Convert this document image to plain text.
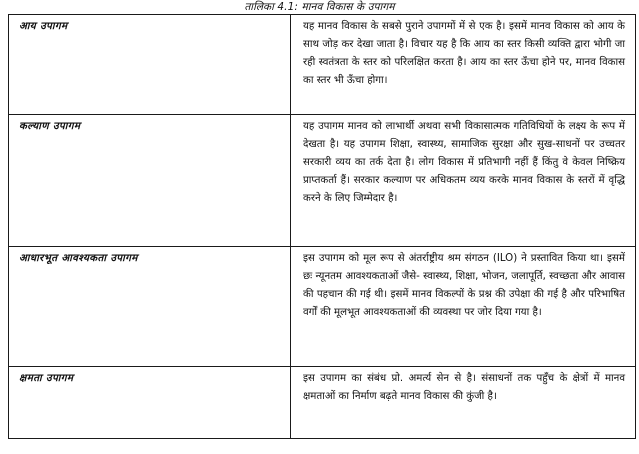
तालिका 4.1: मानव विकास के उपागम
आय उपागम	यह मानव विकास के सबसे पुराने उपागमों में से एक है। इसमें मानव विकास को आय के साथ जोड़ कर देखा जाता है। विचार यह है कि आय का स्तर किसी व्यक्ति द्वारा भोगी जा रही स्वतंत्रता के स्तर को परिलक्षित करता है। आय का स्तर ऊँचा होने पर, मानव विकास का स्तर भी ऊँचा होगा।
कल्याण उपागम	यह उपागम मानव को लाभार्थी अथवा सभी विकासात्मक गतिविधियों के लक्ष्य के रूप में देखता है। यह उपागम शिक्षा, स्वास्थ्य, सामाजिक सुरक्षा और सुख-साधनों पर उच्चतर सरकारी व्यय का तर्क देता है। लोग विकास में प्रतिभागी नहीं हैं किंतु वे केवल निष्क्रिय प्राप्तकर्ता हैं। सरकार कल्याण पर अधिकतम व्यय करके मानव विकास के स्तरों में वृद्धि करने के लिए जिम्मेदार है।
आधारभूत आवश्यकता उपागम	इस उपागम को मूल रूप से अंतर्राष्ट्रीय श्रम संगठन (ILO) ने प्रस्तावित किया था। इसमें छः न्यूनतम आवश्यकताओं जैसे- स्वास्थ्य, शिक्षा, भोजन, जलापूर्ति, स्वच्छता और आवास की पहचान की गई थी। इसमें मानव विकल्पों के प्रश्न की उपेक्षा की गई है और परिभाषित वर्गों की मूलभूत आवश्यकताओं की व्यवस्था पर जोर दिया गया है।
क्षमता उपागम	इस उपागम का संबंध प्रो. अमर्त्य सेन से है। संसाधनों तक पहुँच के क्षेत्रों में मानव क्षमताओं का निर्माण बढ़ते मानव विकास की कुंजी है।
